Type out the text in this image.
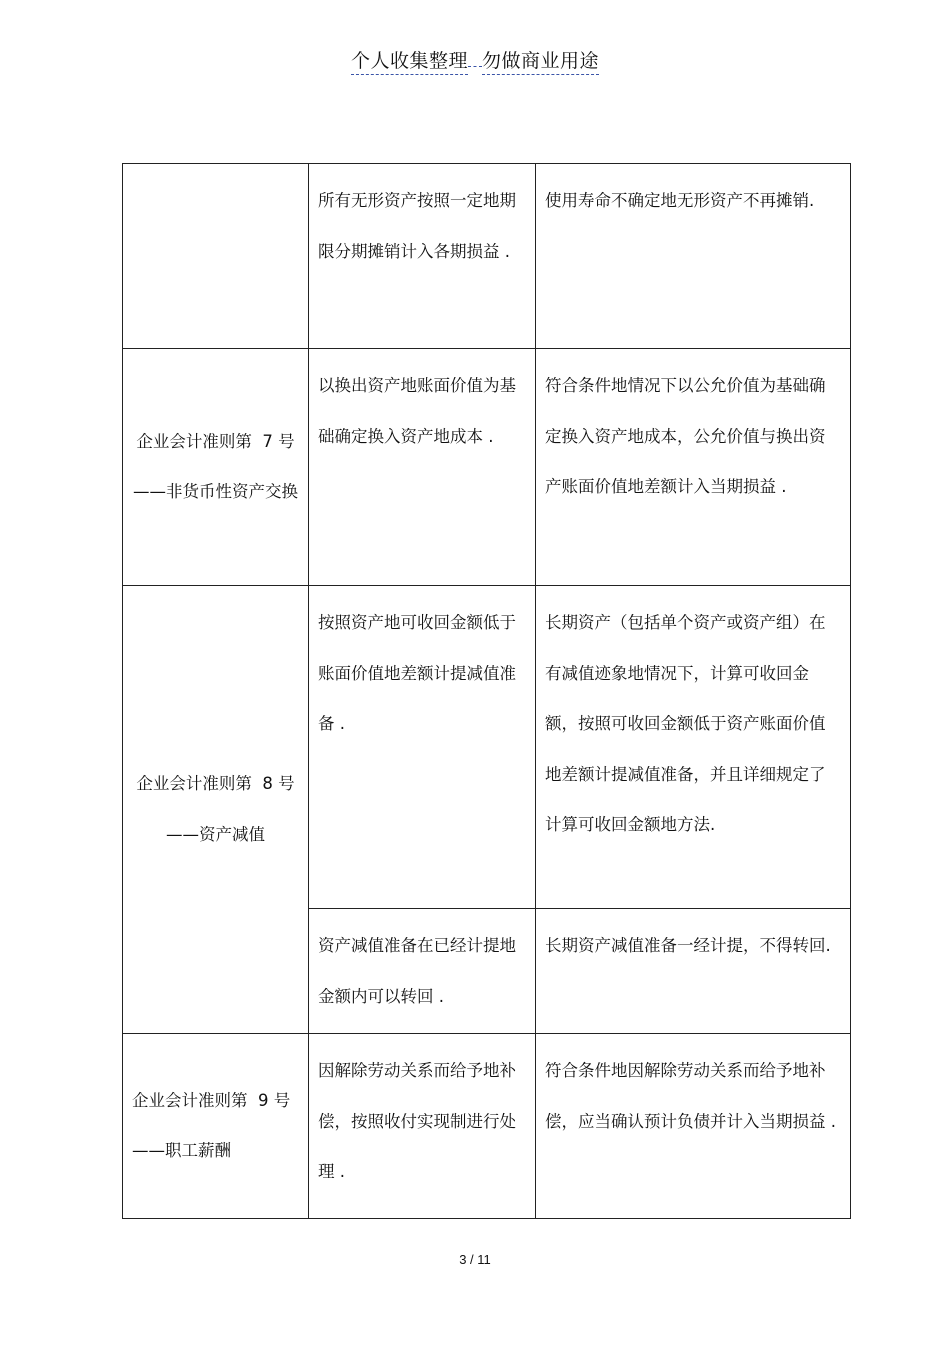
个人收集整理 勿做商业用途
	所有无形资产按照一定地期限分期摊销计入各期损益 .	使用寿命不确定地无形资产不再摊销.

企业会计准则第  7 号
——非货币性资产交换	以换出资产地账面价值为基础确定换入资产地成本 .	符合条件地情况下以公允价值为基础确定换入资产地成本，公允价值与换出资产账面价值地差额计入当期损益 .

企业会计准则第  8 号
——资产减值	按照资产地可收回金额低于账面价值地差额计提减值准备 .	长期资产（包括单个资产或资产组）在有减值迹象地情况下，计算可收回金额，按照可收回金额低于资产账面价值地差额计提减值准备，并且详细规定了计算可收回金额地方法.
	资产减值准备在已经计提地金额内可以转回 .	长期资产减值准备一经计提，不得转回.

企业会计准则第  9 号
——职工薪酬	因解除劳动关系而给予地补偿，按照收付实现制进行处理 .	符合条件地因解除劳动关系而给予地补偿，应当确认预计负债并计入当期损益 .
3 / 11
